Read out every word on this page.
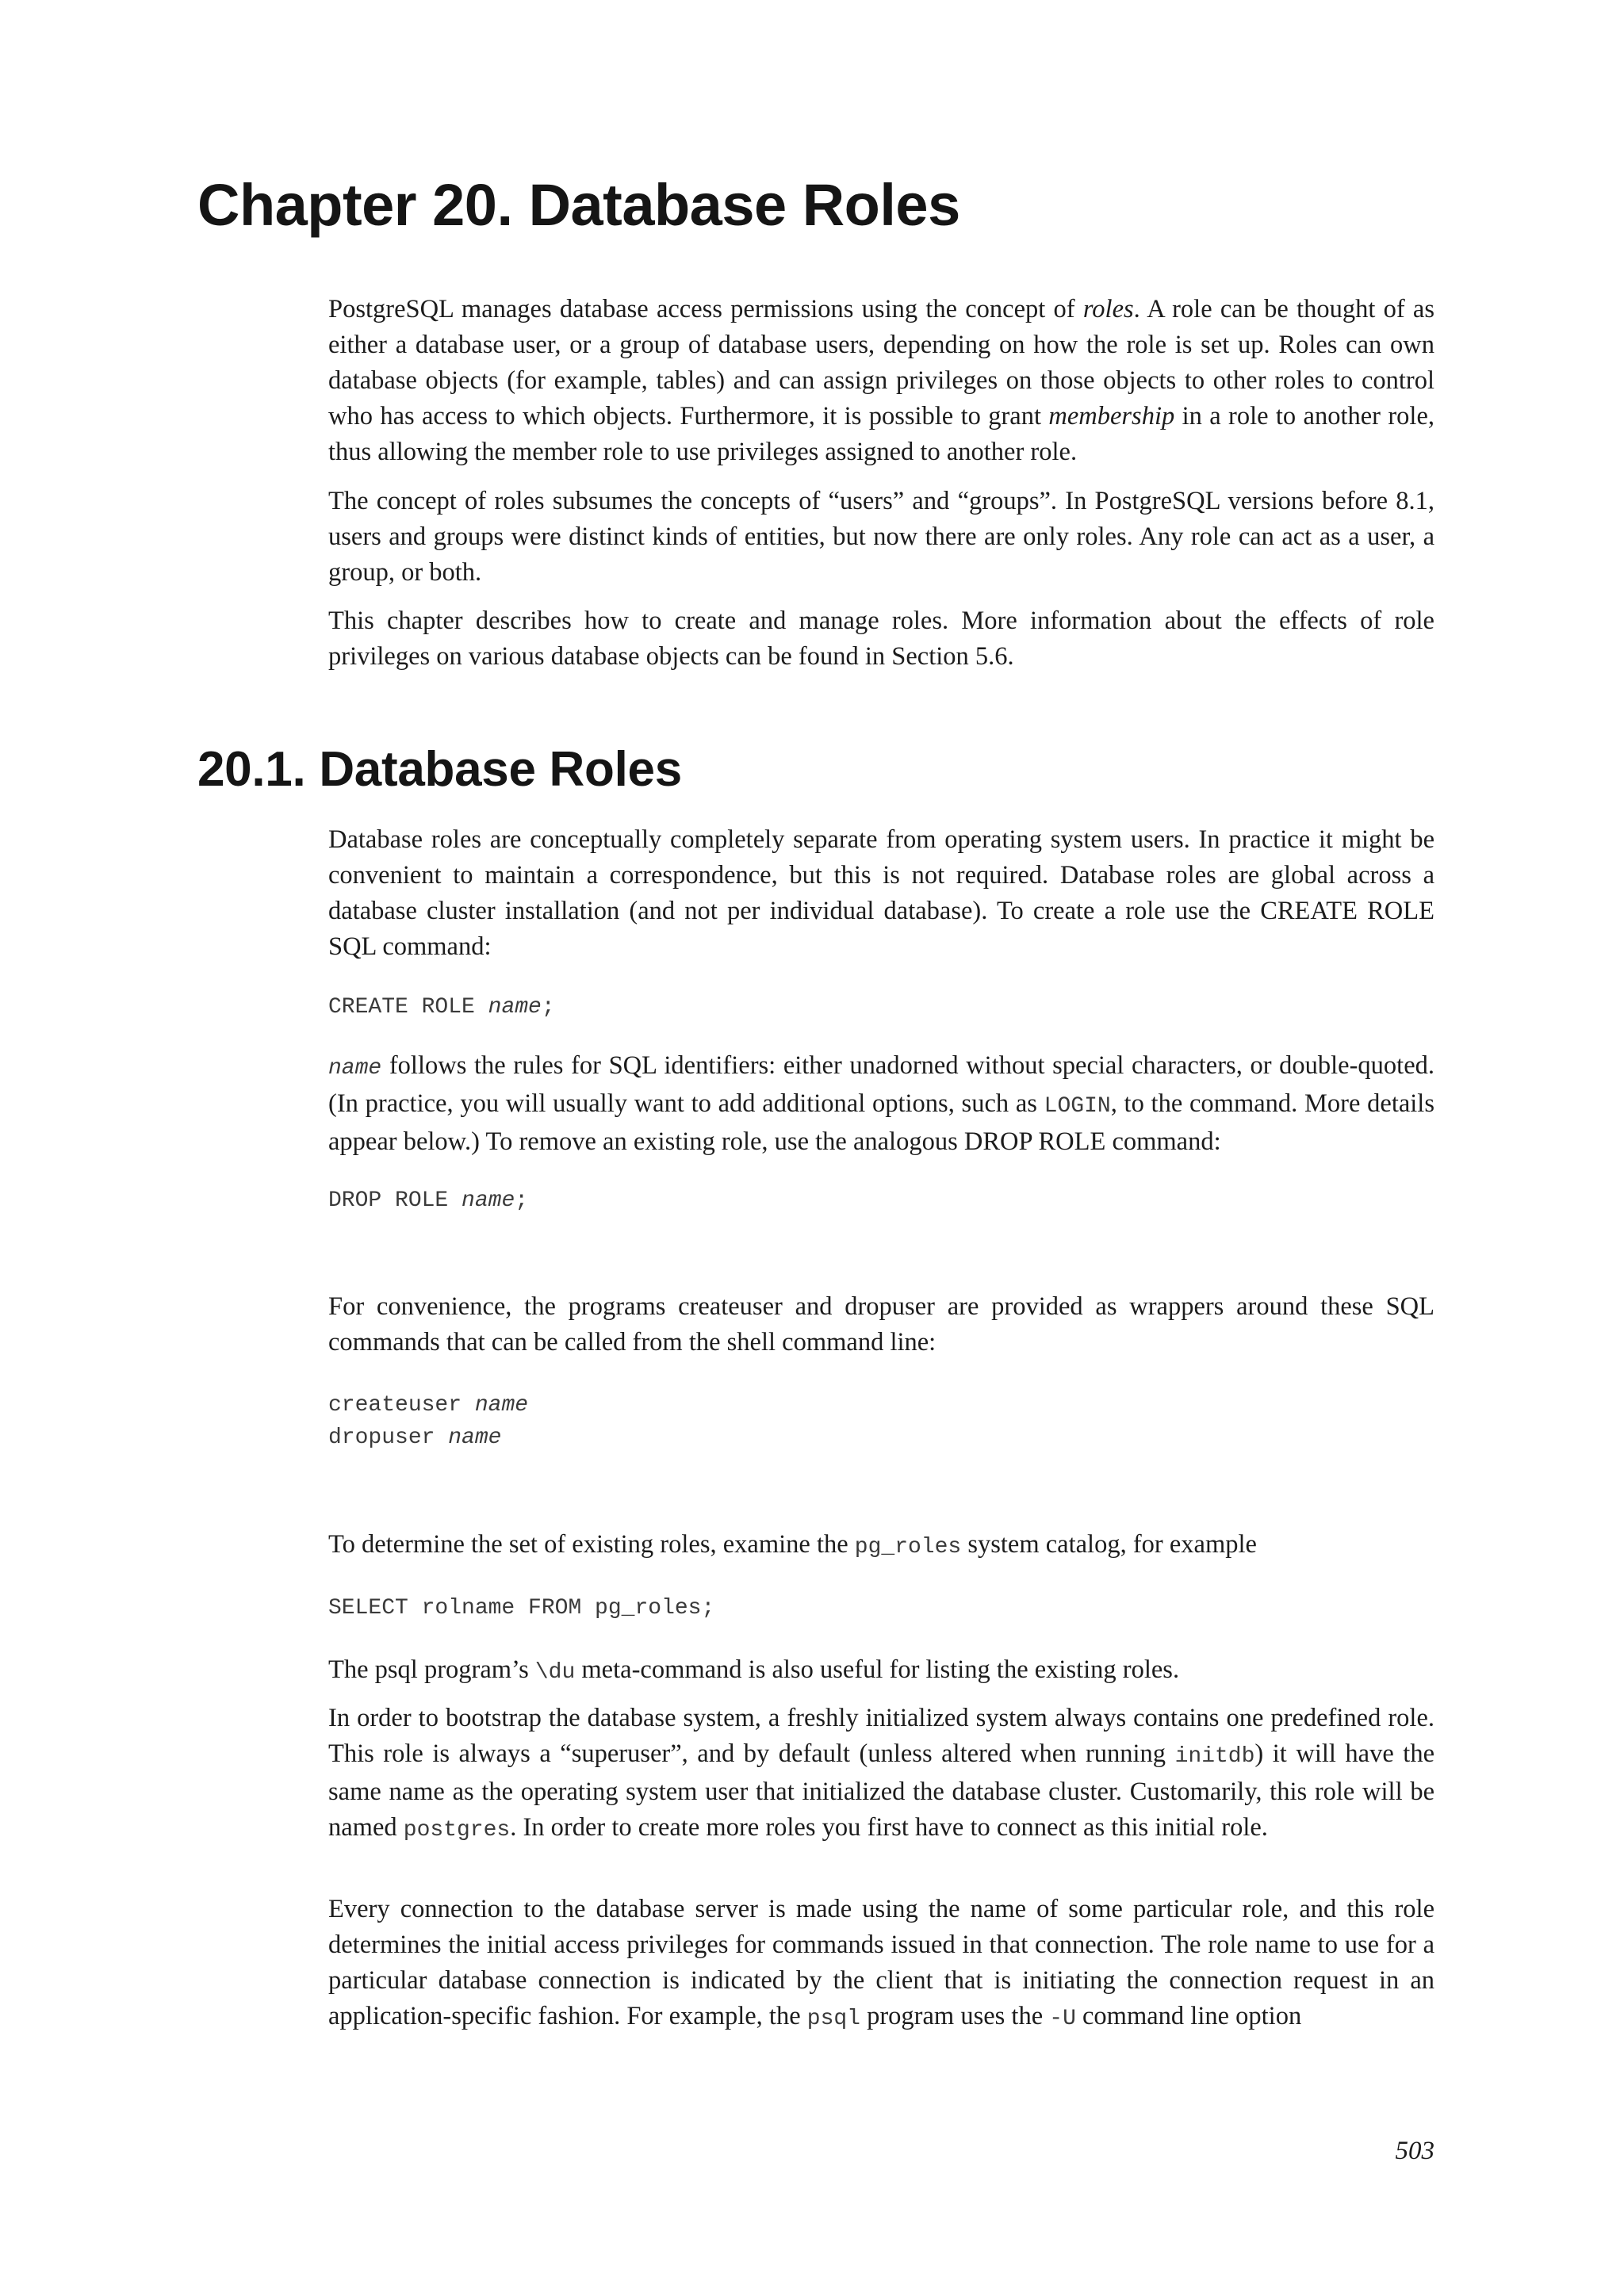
Chapter 20. Database Roles

PostgreSQL manages database access permissions using the concept of roles. A role can be thought of as either a database user, or a group of database users, depending on how the role is set up. Roles can own database objects (for example, tables) and can assign privileges on those objects to other roles to control who has access to which objects. Furthermore, it is possible to grant membership in a role to another role, thus allowing the member role to use privileges assigned to another role.

The concept of roles subsumes the concepts of “users” and “groups”. In PostgreSQL versions before 8.1, users and groups were distinct kinds of entities, but now there are only roles. Any role can act as a user, a group, or both.

This chapter describes how to create and manage roles. More information about the effects of role privileges on various database objects can be found in Section 5.6.

20.1. Database Roles

Database roles are conceptually completely separate from operating system users. In practice it might be convenient to maintain a correspondence, but this is not required. Database roles are global across a database cluster installation (and not per individual database). To create a role use the CREATE ROLE SQL command:

CREATE ROLE name;

name follows the rules for SQL identifiers: either unadorned without special characters, or double-quoted. (In practice, you will usually want to add additional options, such as LOGIN, to the command. More details appear below.) To remove an existing role, use the analogous DROP ROLE command:

DROP ROLE name;

For convenience, the programs createuser and dropuser are provided as wrappers around these SQL commands that can be called from the shell command line:

createuser name
dropuser name

To determine the set of existing roles, examine the pg_roles system catalog, for example

SELECT rolname FROM pg_roles;

The psql program’s \du meta-command is also useful for listing the existing roles.

In order to bootstrap the database system, a freshly initialized system always contains one predefined role. This role is always a “superuser”, and by default (unless altered when running initdb) it will have the same name as the operating system user that initialized the database cluster. Customarily, this role will be named postgres. In order to create more roles you first have to connect as this initial role.

Every connection to the database server is made using the name of some particular role, and this role determines the initial access privileges for commands issued in that connection. The role name to use for a particular database connection is indicated by the client that is initiating the connection request in an application-specific fashion. For example, the psql program uses the -U command line option

503
